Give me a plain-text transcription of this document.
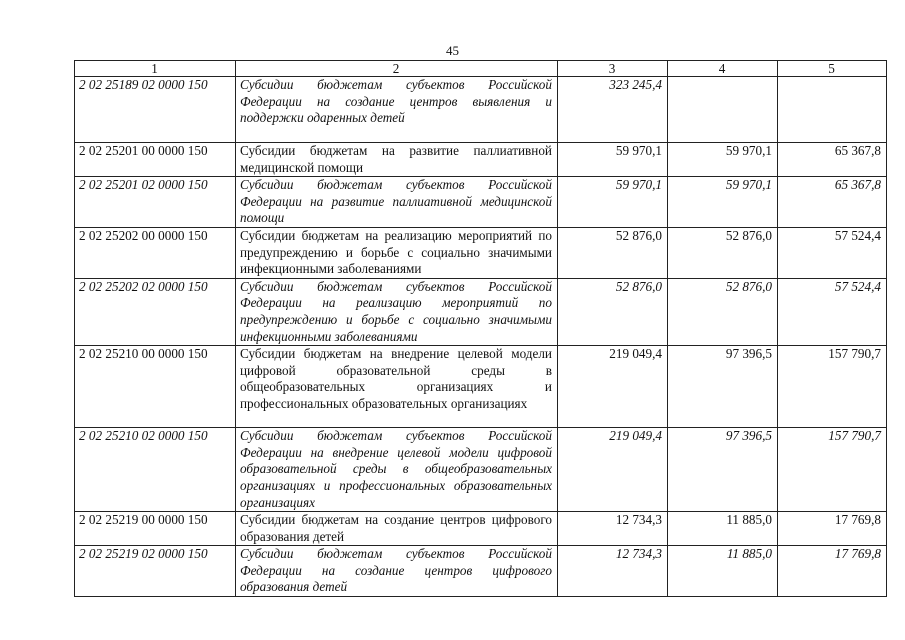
45
1	2	3	4	5
2 02 25189 02 0000 150	Субсидии бюджетам субъектов Российской Федерации на создание центров выявления и поддержки одаренных детей	323 245,4		
2 02 25201 00 0000 150	Субсидии бюджетам на развитие паллиативной медицинской помощи	59 970,1	59 970,1	65 367,8
2 02 25201 02 0000 150	Субсидии бюджетам субъектов Российской Федерации на развитие паллиативной медицинской помощи	59 970,1	59 970,1	65 367,8
2 02 25202 00 0000 150	Субсидии бюджетам на реализацию мероприятий по предупреждению и борьбе с социально значимыми инфекционными заболеваниями	52 876,0	52 876,0	57 524,4
2 02 25202 02 0000 150	Субсидии бюджетам субъектов Российской Федерации на реализацию мероприятий по предупреждению и борьбе с социально значимыми инфекционными заболеваниями	52 876,0	52 876,0	57 524,4
2 02 25210 00 0000 150	Субсидии бюджетам на внедрение целевой модели цифровой образовательной среды в общеобразовательных организациях и профессиональных образовательных организациях	219 049,4	97 396,5	157 790,7
2 02 25210 02 0000 150	Субсидии бюджетам субъектов Российской Федерации на внедрение целевой модели цифровой образовательной среды в общеобразовательных организациях и профессиональных образовательных организациях	219 049,4	97 396,5	157 790,7
2 02 25219 00 0000 150	Субсидии бюджетам на создание центров цифрового образования детей	12 734,3	11 885,0	17 769,8
2 02 25219 02 0000 150	Субсидии бюджетам субъектов Российской Федерации на создание центров цифрового образования детей	12 734,3	11 885,0	17 769,8
